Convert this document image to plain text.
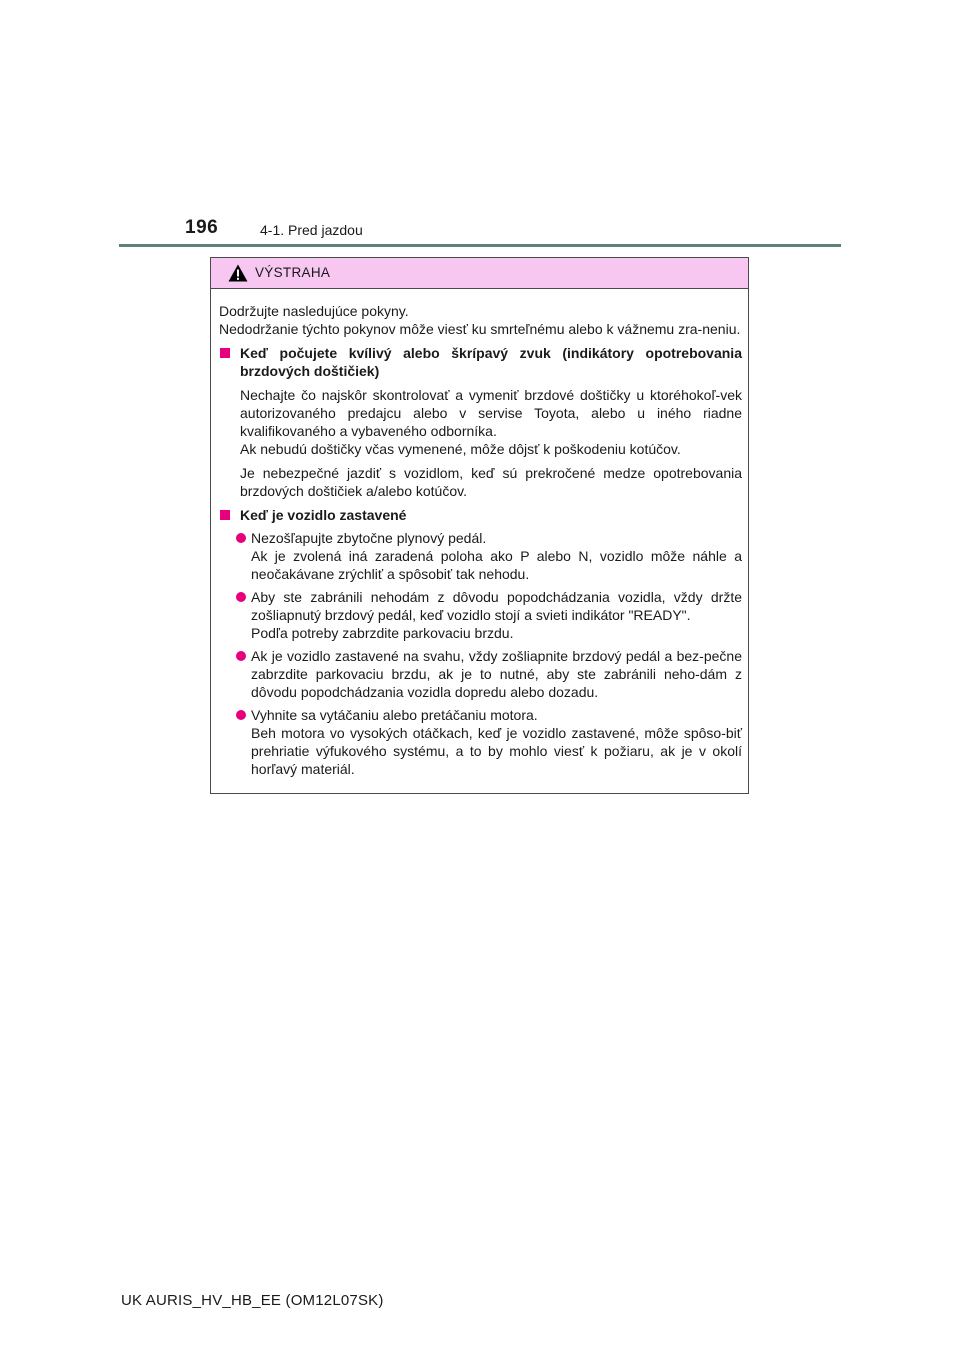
196	4-1. Pred jazdou
VÝSTRAHA
Dodržujte nasledujúce pokyny.
Nedodržanie týchto pokynov môže viesť ku smrteľnému alebo k vážnemu zra-neniu.
Keď počujete kvílivý alebo škrípavý zvuk (indikátory opotrebovania brzdových doštičiek)
Nechajte čo najskôr skontrolovať a vymeniť brzdové doštičky u ktoréhokoľ-vek autorizovaného predajcu alebo v servise Toyota, alebo u iného riadne kvalifikovaného a vybaveného odborníka.
Ak nebudú doštičky včas vymenené, môže dôjsť k poškodeniu kotúčov.
Je nebezpečné jazdiť s vozidlom, keď sú prekročené medze opotrebovania brzdových doštičiek a/alebo kotúčov.
Keď je vozidlo zastavené
Nezošľapujte zbytočne plynový pedál.
Ak je zvolená iná zaradená poloha ako P alebo N, vozidlo môže náhle a neočakávane zrýchliť a spôsobiť tak nehodu.
Aby ste zabránili nehodám z dôvodu popodchádzania vozidla, vždy držte zošliapnutý brzdový pedál, keď vozidlo stojí a svieti indikátor "READY".
Podľa potreby zabrzdite parkovaciu brzdu.
Ak je vozidlo zastavené na svahu, vždy zošliapnite brzdový pedál a bez-pečne zabrzdite parkovaciu brzdu, ak je to nutné, aby ste zabránili neho-dám z dôvodu popodchádzania vozidla dopredu alebo dozadu.
Vyhnite sa vytáčaniu alebo pretáčaniu motora.
Beh motora vo vysokých otáčkach, keď je vozidlo zastavené, môže spôso-biť prehriatie výfukového systému, a to by mohlo viesť k požiaru, ak je v okolí horľavý materiál.
UK AURIS_HV_HB_EE (OM12L07SK)
